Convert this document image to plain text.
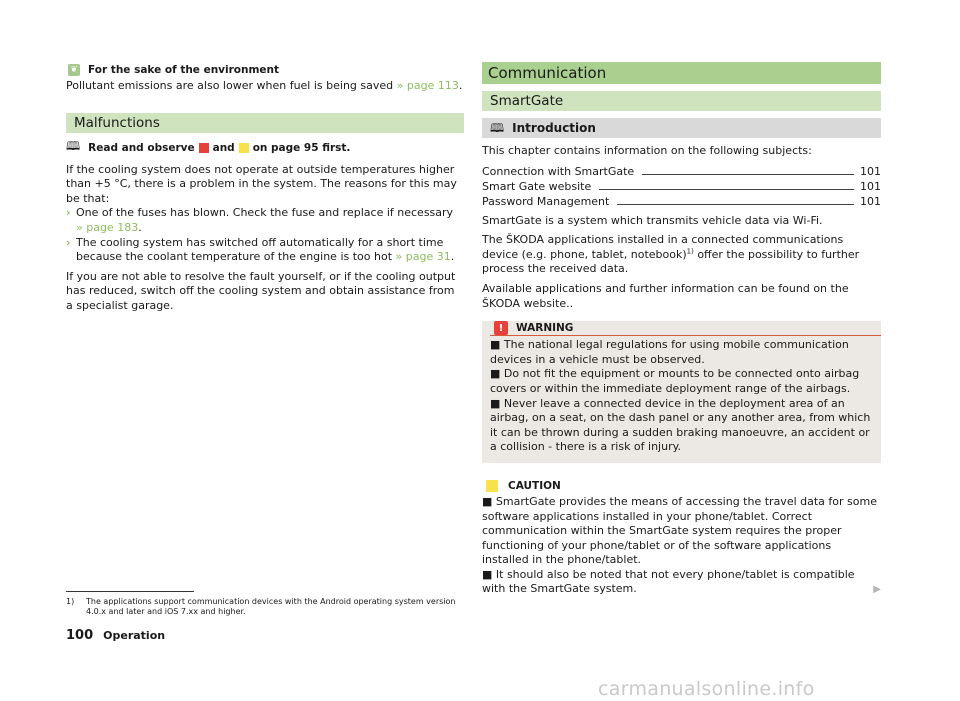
❦ For the sake of the environment

Pollutant emissions are also lower when fuel is being saved » page 113.

Malfunctions
🕮 Read and observe and on page 95 first.

If the cooling system does not operate at outside temperatures higher than +5 °C, there is a problem in the system. The reasons for this may be that:

› One of the fuses has blown. Check the fuse and replace if necessary
» page 183.
› The cooling system has switched off automatically for a short time because the coolant temperature of the engine is too hot » page 31.

If you are not able to resolve the fault yourself, or if the cooling output has reduced, switch off the cooling system and obtain assistance from a specialist garage.

Communication
SmartGate
🕮 Introduction

This chapter contains information on the following subjects:

Connection with SmartGate	101
Smart Gate website	101
Password Management	101

SmartGate is a system which transmits vehicle data via Wi-Fi.

The ŠKODA applications installed in a connected communications device (e.g. phone, tablet, notebook)$^{1)}$ offer the possibility to further process the received data.

Available applications and further information can be found on the ŠKODA website..

!	WARNING

■ The national legal regulations for using mobile communication devices in a vehicle must be observed.

■ Do not fit the equipment or mounts to be connected onto airbag covers or within the immediate deployment range of the airbags.

■ Never leave a connected device in the deployment area of an airbag, on a seat, on the dash panel or any another area, from which it can be thrown during a sudden braking manoeuvre, an accident or a collision - there is a risk of injury.

CAUTION

■ SmartGate provides the means of accessing the travel data for some software applications installed in your phone/tablet. Correct communication within the SmartGate system requires the proper functioning of your phone/tablet or of the software applications installed in the phone/tablet.

■ It should also be noted that not every phone/tablet is compatible with the SmartGate system.	▶
1)	The applications support communication devices with the Android operating system version 4.0.x and later and iOS 7.xx and higher.
100 Operation
carmanualsonline.info
